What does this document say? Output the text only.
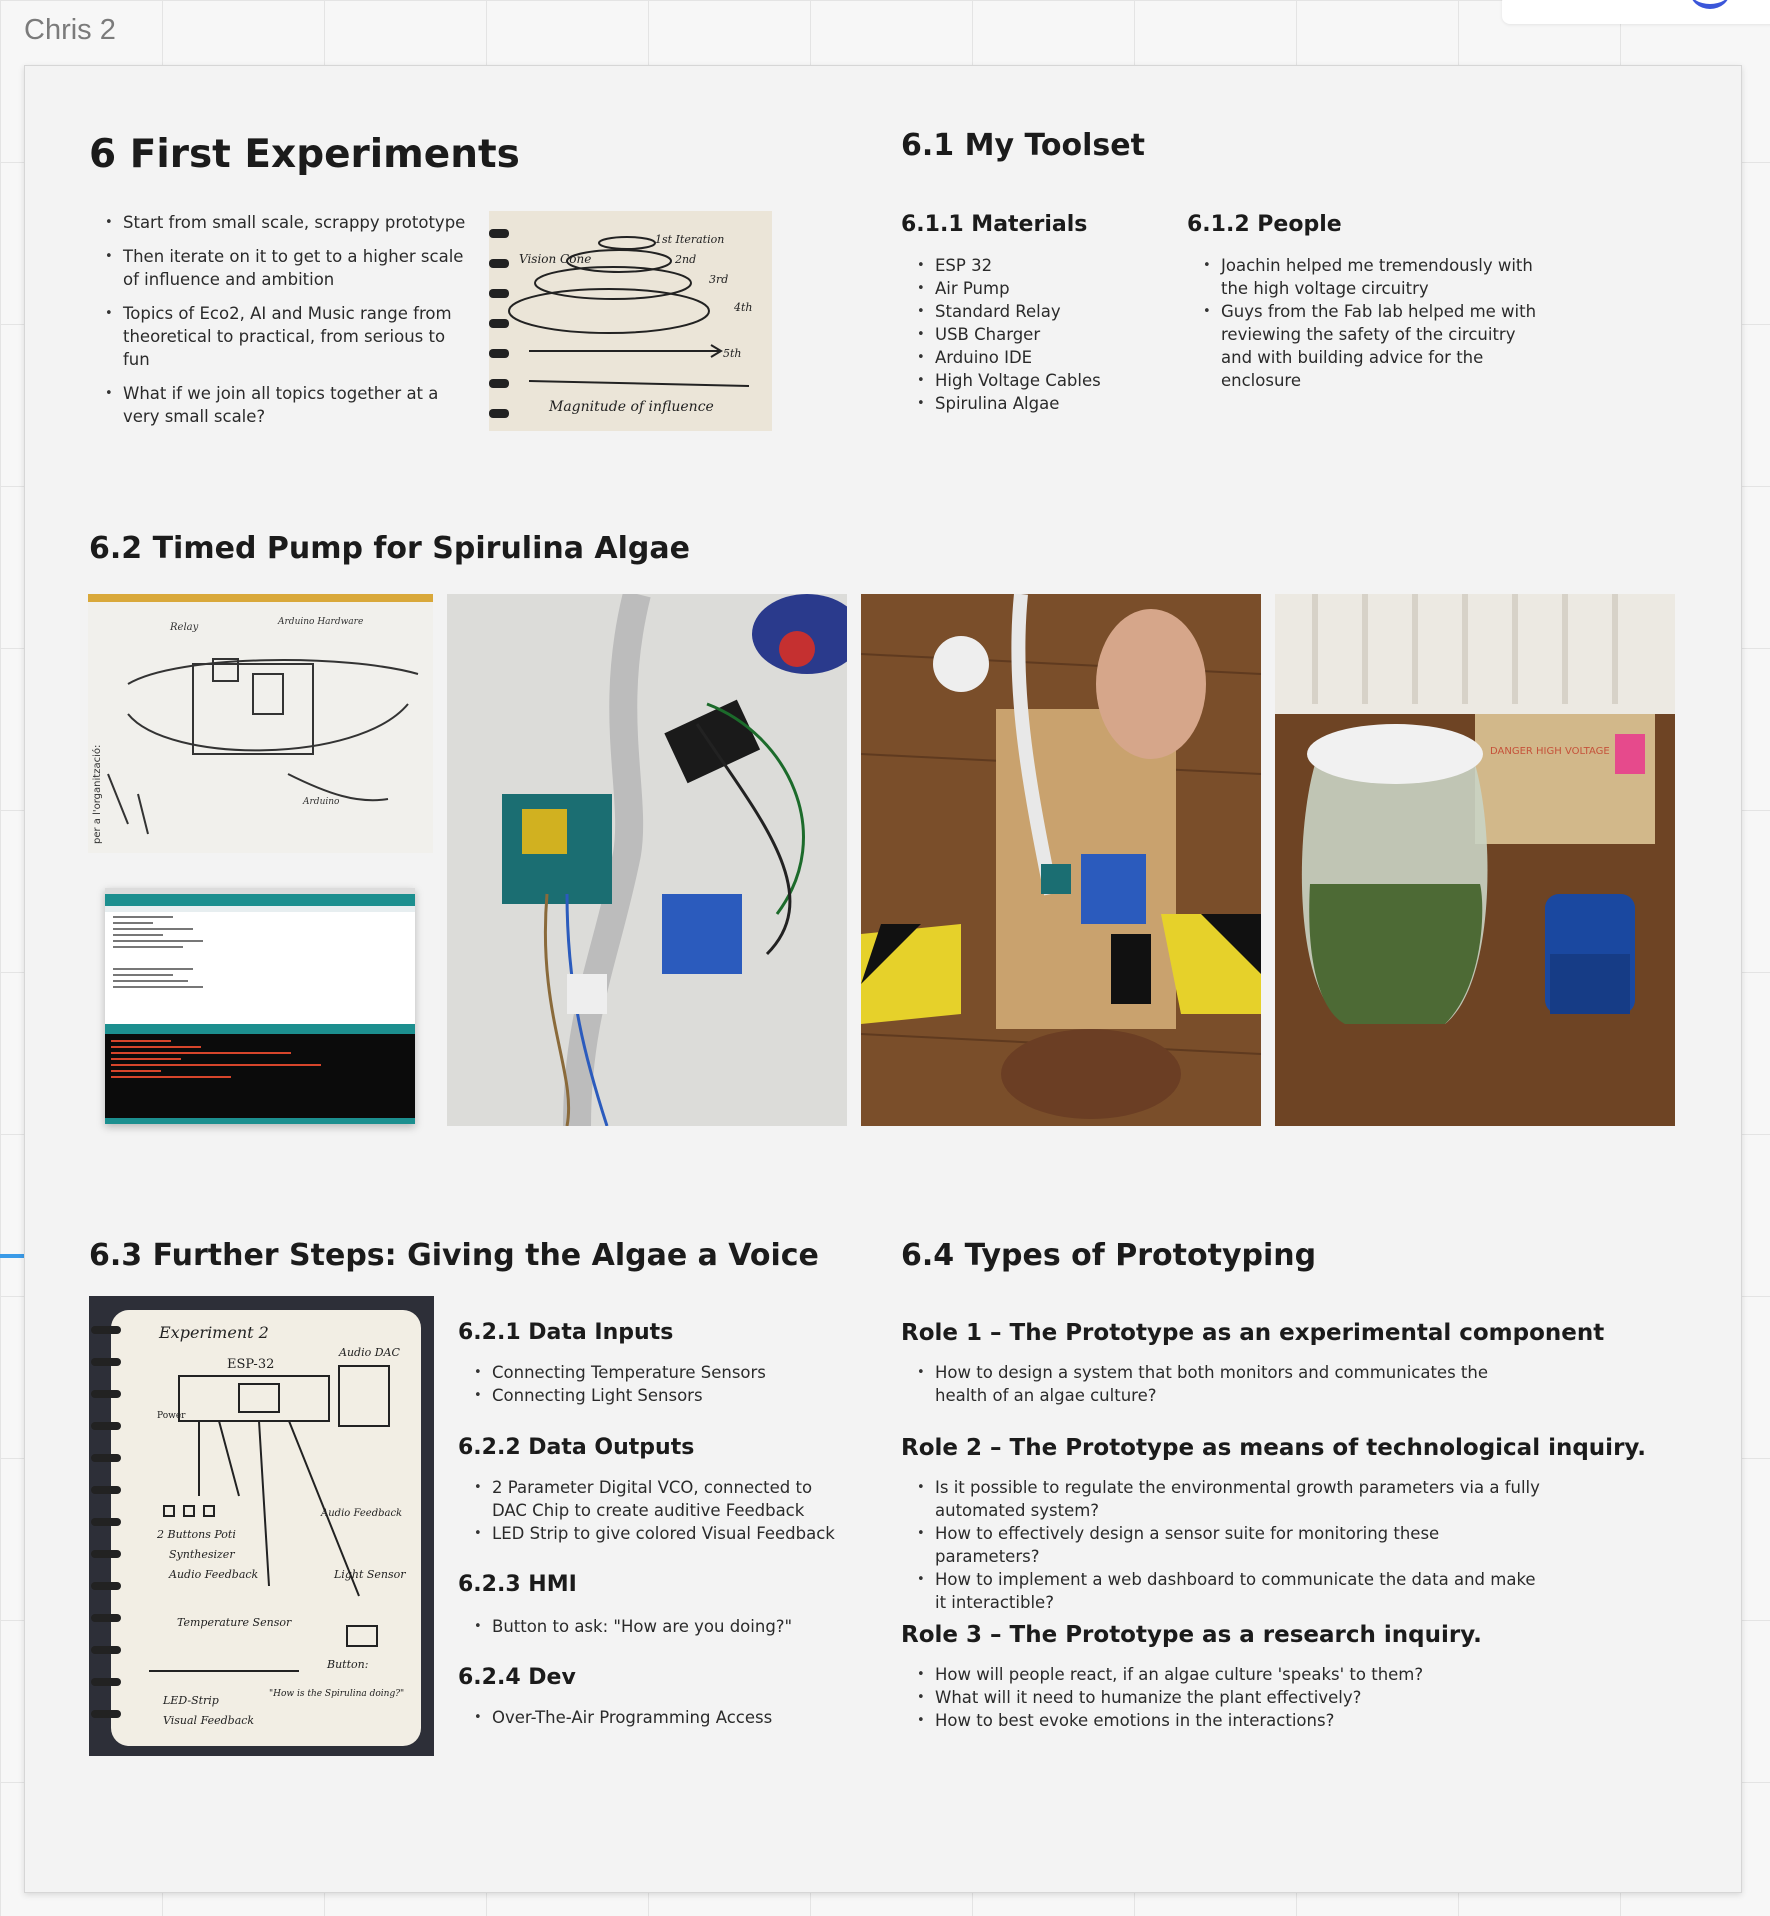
Chris 2
6 First Experiments
• Start from small scale, scrappy prototype
• Then iterate on it to get to a higher scale of influence and ambition
• Topics of Eco2, AI and Music range from theoretical to practical, from serious to fun
• What if we join all topics together at a very small scale?
Vision Cone
1st Iteration
2nd
3rd
4th
5th
Magnitude of influence
6.1 My Toolset
6.1.1 Materials
• ESP 32
• Air Pump
• Standard Relay
• USB Charger
• Arduino IDE
• High Voltage Cables
• Spirulina Algae
6.1.2 People
• Joachin helped me tremendously with the high voltage circuitry
• Guys from the Fab lab helped me with reviewing the safety of the circuitry and with building advice for the enclosure
6.2 Timed Pump for Spirulina Algae
Relay	Arduino Hardware
Arduino
per a l'organització:	DANGER HIGH VOLTAGE
6.3 Further Steps: Giving the Algae a Voice
Experiment 2
ESP-32
Audio DAC
Power
Audio Feedback
2 Buttons Poti
Synthesizer
Audio Feedback	Light Sensor
Temperature Sensor
Button:
"How is the Spirulina doing?"
LED-Strip
Visual Feedback
6.2.1 Data Inputs
• Connecting Temperature Sensors
• Connecting Light Sensors
6.2.2 Data Outputs
• 2 Parameter Digital VCO, connected to DAC Chip to create auditive Feedback
• LED Strip to give colored Visual Feedback
6.2.3 HMI
• Button to ask: "How are you doing?"
6.2.4 Dev
• Over-The-Air Programming Access
6.4 Types of Prototyping
Role 1 – The Prototype as an experimental component
• How to design a system that both monitors and communicates the health of an algae culture?
Role 2 – The Prototype as means of technological inquiry.
• Is it possible to regulate the environmental growth parameters via a fully automated system?
• How to effectively design a sensor suite for monitoring these parameters?
• How to implement a web dashboard to communicate the data and make it interactible?
Role 3 – The Prototype as a research inquiry.
• How will people react, if an algae culture 'speaks' to them?
• What will it need to humanize the plant effectively?
• How to best evoke emotions in the interactions?
